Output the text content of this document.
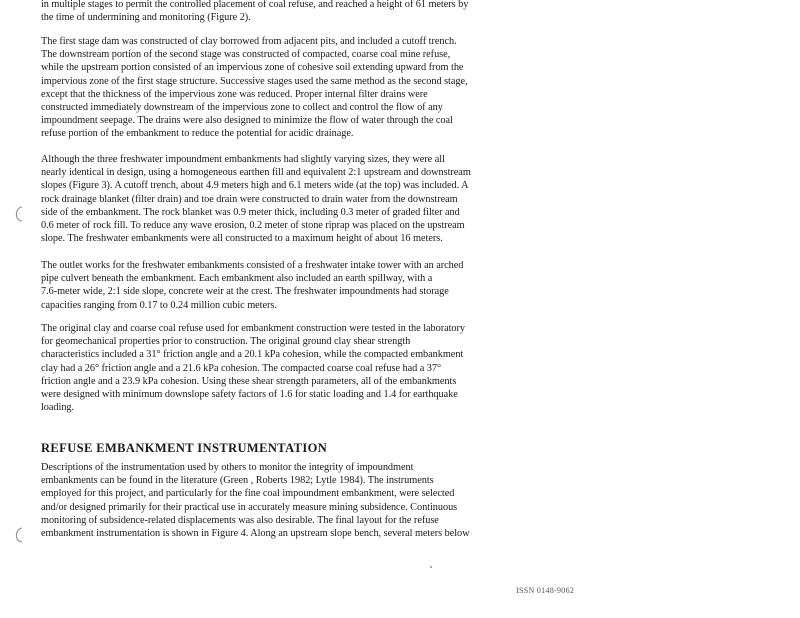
in multiple stages to permit the controlled placement of coal refuse, and reached a height of 61 meters by
the time of undermining and monitoring (Figure 2).

The first stage dam was constructed of clay borrowed from adjacent pits, and included a cutoff trench.
The downstream portion of the second stage was constructed of compacted, coarse coal mine refuse,
while the upstream portion consisted of an impervious zone of cohesive soil extending upward from the
impervious zone of the first stage structure. Successive stages used the same method as the second stage,
except that the thickness of the impervious zone was reduced. Proper internal filter drains were
constructed immediately downstream of the impervious zone to collect and control the flow of any
impoundment seepage. The drains were also designed to minimize the flow of water through the coal
refuse portion of the embankment to reduce the potential for acidic drainage.

Although the three freshwater impoundment embankments had slightly varying sizes, they were all
nearly identical in design, using a homogeneous earthen fill and equivalent 2:1 upstream and downstream
slopes (Figure 3). A cutoff trench, about 4.9 meters high and 6.1 meters wide (at the top) was included. A
rock drainage blanket (filter drain) and toe drain were constructed to drain water from the downstream
side of the embankment. The rock blanket was 0.9 meter thick, including 0.3 meter of graded filter and
0.6 meter of rock fill. To reduce any wave erosion, 0.2 meter of stone riprap was placed on the upstream
slope. The freshwater embankments were all constructed to a maximum height of about 16 meters.

The outlet works for the freshwater embankments consisted of a freshwater intake tower with an arched
pipe culvert beneath the embankment. Each embankment also included an earth spillway, with a
7.6-meter wide, 2:1 side slope, concrete weir at the crest. The freshwater impoundments had storage
capacities ranging from 0.17 to 0.24 million cubic meters.

The original clay and coarse coal refuse used for embankment construction were tested in the laboratory
for geomechanical properties prior to construction. The original ground clay shear strength
characteristics included a 31° friction angle and a 20.1 kPa cohesion, while the compacted embankment
clay had a 26° friction angle and a 21.6 kPa cohesion. The compacted coarse coal refuse had a 37°
friction angle and a 23.9 kPa cohesion. Using these shear strength parameters, all of the embankments
were designed with minimum downslope safety factors of 1.6 for static loading and 1.4 for earthquake
loading.

REFUSE EMBANKMENT INSTRUMENTATION

Descriptions of the instrumentation used by others to monitor the integrity of impoundment
embankments can be found in the literature (Green , Roberts 1982; Lytle 1984). The instruments
employed for this project, and particularly for the fine coal impoundment embankment, were selected
and/or designed primarily for their practical use in accurately measure mining subsidence. Continuous
monitoring of subsidence-related displacements was also desirable. The final layout for the refuse
embankment instrumentation is shown in Figure 4. Along an upstream slope bench, several meters below

ISSN 0148-9062
